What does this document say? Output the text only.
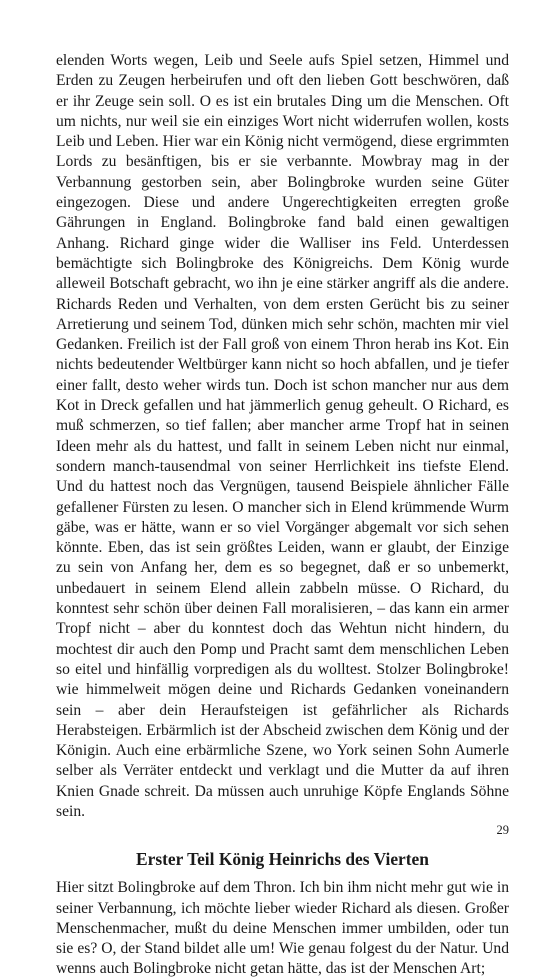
elenden Worts wegen, Leib und Seele aufs Spiel setzen, Himmel und Erden zu Zeugen herbeirufen und oft den lieben Gott beschwören, daß er ihr Zeuge sein soll. O es ist ein brutales Ding um die Menschen. Oft um nichts, nur weil sie ein einziges Wort nicht widerrufen wollen, kosts Leib und Leben. Hier war ein König nicht vermögend, diese ergrimmten Lords zu besänftigen, bis er sie verbannte. Mowbray mag in der Verbannung gestorben sein, aber Bolingbroke wurden seine Güter eingezogen. Diese und andere Ungerechtigkeiten erregten große Gährungen in England. Bolingbroke fand bald einen gewaltigen Anhang. Richard ginge wider die Walliser ins Feld. Unterdessen bemächtigte sich Bolingbroke des Königreichs. Dem König wurde alleweil Botschaft gebracht, wo ihn je eine stärker angriff als die andere. Richards Reden und Verhalten, von dem ersten Gerücht bis zu seiner Arretierung und seinem Tod, dünken mich sehr schön, machten mir viel Gedanken. Freilich ist der Fall groß von einem Thron herab ins Kot. Ein nichts bedeutender Weltbürger kann nicht so hoch abfallen, und je tiefer einer fallt, desto weher wirds tun. Doch ist schon mancher nur aus dem Kot in Dreck gefallen und hat jämmerlich genug geheult. O Richard, es muß schmerzen, so tief fallen; aber mancher arme Tropf hat in seinen Ideen mehr als du hattest, und fallt in seinem Leben nicht nur einmal, sondern manch-tausendmal von seiner Herrlichkeit ins tiefste Elend. Und du hattest noch das Vergnügen, tausend Beispiele ähnlicher Fälle gefallener Fürsten zu lesen. O mancher sich in Elend krümmende Wurm gäbe, was er hätte, wann er so viel Vorgänger abgemalt vor sich sehen könnte. Eben, das ist sein größtes Leiden, wann er glaubt, der Einzige zu sein von Anfang her, dem es so begegnet, daß er so unbemerkt, unbedauert in seinem Elend allein zabbeln müsse. O Richard, du konntest sehr schön über deinen Fall moralisieren, – das kann ein armer Tropf nicht – aber du konntest doch das Wehtun nicht hindern, du mochtest dir auch den Pomp und Pracht samt dem menschlichen Leben so eitel und hinfällig vorpredigen als du wolltest. Stolzer Bolingbroke! wie himmelweit mögen deine und Richards Gedanken voneinandern sein – aber dein Heraufsteigen ist gefährlicher als Richards Herabsteigen. Erbärmlich ist der Abscheid zwischen dem König und der Königin. Auch eine erbärmliche Szene, wo York seinen Sohn Aumerle selber als Verräter entdeckt und verklagt und die Mutter da auf ihren Knien Gnade schreit. Da müssen auch unruhige Köpfe Englands Söhne sein.

Erster Teil König Heinrichs des Vierten

Hier sitzt Bolingbroke auf dem Thron. Ich bin ihm nicht mehr gut wie in seiner Verbannung, ich möchte lieber wieder Richard als diesen. Großer Menschenmacher, mußt du deine Menschen immer umbilden, oder tun sie es? O, der Stand bildet alle um! Wie genau folgest du der Natur. Und wenns auch Bolingbroke nicht getan hätte, das ist der Menschen Art;

29
